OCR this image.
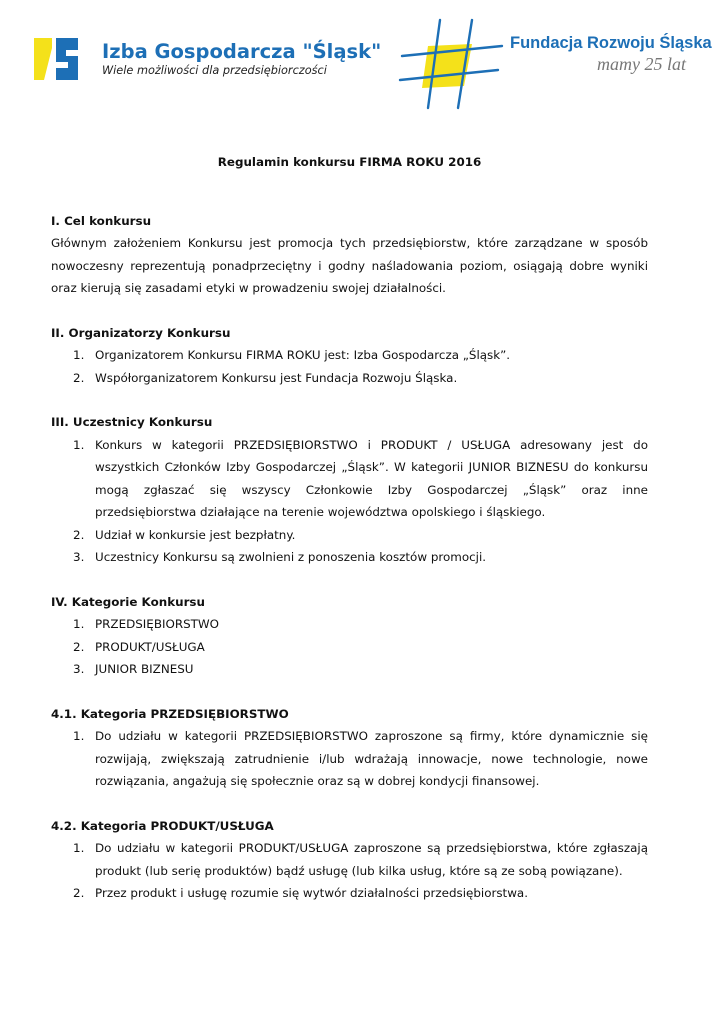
Izba Gospodarcza "Śląsk"
Wiele możliwości dla przedsiębiorczości
Fundacja Rozwoju Śląska
mamy 25 lat
Regulamin konkursu FIRMA ROKU 2016
I. Cel konkursu

Głównym założeniem Konkursu jest promocja tych przedsiębiorstw, które zarządzane w sposób nowoczesny reprezentują ponadprzeciętny i godny naśladowania poziom, osiągają dobre wyniki oraz kierują się zasadami etyki w prowadzeniu swojej działalności.

II. Organizatorzy Konkursu
1. Organizatorem Konkursu FIRMA ROKU jest: Izba Gospodarcza „Śląsk”.
2. Współorganizatorem Konkursu jest Fundacja Rozwoju Śląska.
III. Uczestnicy Konkursu
1. Konkurs w kategorii PRZEDSIĘBIORSTWO i PRODUKT / USŁUGA adresowany jest do wszystkich Członków Izby Gospodarczej „Śląsk”. W kategorii JUNIOR BIZNESU do konkursu mogą zgłaszać się wszyscy Członkowie Izby Gospodarczej „Śląsk” oraz inne przedsiębiorstwa działające na terenie województwa opolskiego i śląskiego.
2. Udział w konkursie jest bezpłatny.
3. Uczestnicy Konkursu są zwolnieni z ponoszenia kosztów promocji.
IV. Kategorie Konkursu
1. PRZEDSIĘBIORSTWO
2. PRODUKT/USŁUGA
3. JUNIOR BIZNESU
4.1. Kategoria PRZEDSIĘBIORSTWO
1. Do udziału w kategorii PRZEDSIĘBIORSTWO zaproszone są firmy, które dynamicznie się rozwijają, zwiększają zatrudnienie i/lub wdrażają innowacje, nowe technologie, nowe rozwiązania, angażują się społecznie oraz są w dobrej kondycji finansowej.
4.2. Kategoria PRODUKT/USŁUGA
1. Do udziału w kategorii PRODUKT/USŁUGA zaproszone są przedsiębiorstwa, które zgłaszają produkt (lub serię produktów) bądź usługę (lub kilka usług, które są ze sobą powiązane).
2. Przez produkt i usługę rozumie się wytwór działalności przedsiębiorstwa.
